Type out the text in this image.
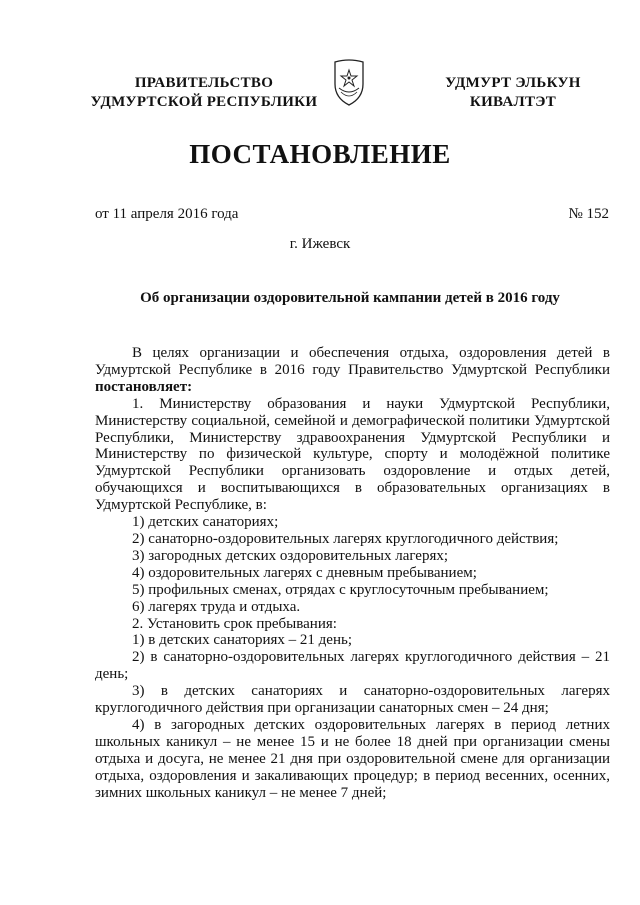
ПРАВИТЕЛЬСТВО
УДМУРТСКОЙ РЕСПУБЛИКИ
УДМУРТ ЭЛЬКУН
КИВАЛТЭТ
ПОСТАНОВЛЕНИЕ
от 11 апреля 2016 года	№ 152
г. Ижевск
Об организации оздоровительной кампании детей в 2016 году

В целях организации и обеспечения отдыха, оздоровления детей в Удмуртской Республике в 2016 году Правительство Удмуртской Республики постановляет:

1. Министерству образования и науки Удмуртской Республики, Министерству социальной, семейной и демографической политики Удмуртской Республики, Министерству здравоохранения Удмуртской Республики и Министерству по физической культуре, спорту и молодёжной политике Удмуртской Республики организовать оздоровление и отдых детей, обучающихся и воспитывающихся в образовательных организациях в Удмуртской Республике, в:

1) детских санаториях;

2) санаторно-оздоровительных лагерях круглогодичного действия;

3) загородных детских оздоровительных лагерях;

4) оздоровительных лагерях с дневным пребыванием;

5) профильных сменах, отрядах с круглосуточным пребыванием;

6) лагерях труда и отдыха.

2. Установить срок пребывания:

1) в детских санаториях – 21 день;

2) в санаторно-оздоровительных лагерях круглогодичного действия – 21 день;

3) в детских санаториях и санаторно-оздоровительных лагерях круглогодичного действия при организации санаторных смен – 24 дня;

4) в загородных детских оздоровительных лагерях в период летних школьных каникул – не менее 15 и не более 18 дней при организации смены отдыха и досуга, не менее 21 дня при оздоровительной смене для организации отдыха, оздоровления и закаливающих процедур; в период весенних, осенних, зимних школьных каникул – не менее 7 дней;
